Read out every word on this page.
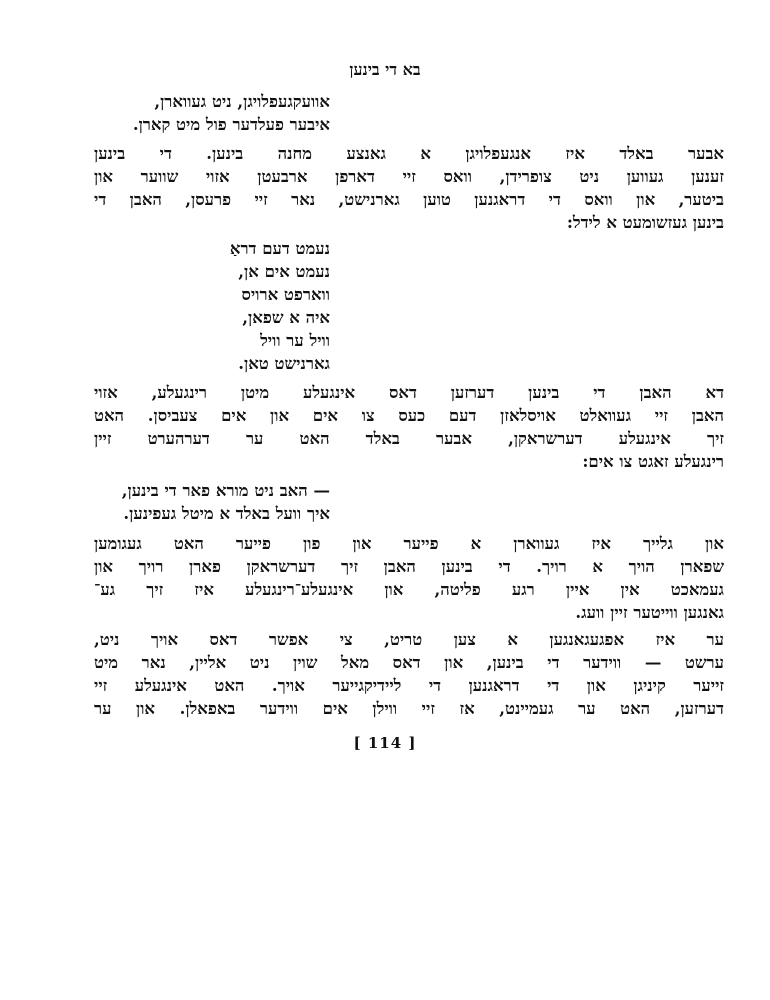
בא די בינען
אוועקגעפלויגן, ניט געווארן,
איבער פעלדער פול מיט קארן.
אבער באלד איז אנגעפלויגן א גאנצע מחנה בינען. די בינען
זענען געווען ניט צופרידן, וואס זיי דארפן ארבעטן אזוי שווער און
ביטער, און וואס די דראגנען טוען גארנישט, נאר זיי פרעסן, האבן די
בינען געזשומעט א לידל:
נעמט דעם דראַ
נעמט אים אן,
ווארפט ארויס
איה א שפאן,
וויל ער וויל
גארנישט טאן.
דא האבן די בינען דערזען דאס אינגעלע מיטן רינגעלע, אזוי
האבן זיי געוואלט אויסלאזן דעם כעס צו אים און אים צעביסן. האט
זיך אינגעלע דערשראקן, אבער באלד האט ער דערהערט זיין
רינגעלע זאגט צו אים:
— האב ניט מורא פאר די בינען,
איך וועל באלד א מיטל געפינען.
און גלייך איז געווארן א פייער און פון פייער האט געגומען
שפארן הויך א רויך. די בינען האבן זיך דערשראקן פארן רויך און
געמאכט אין איין רגע פליטה, און אינגעלע־רינגעלע איז זיך גע־
גאנגען ווייטער זיין וועג.
ער איז אפגעגאנגען א צען טריט, צי אפשר דאס אויך ניט,
ערשט — ווידער די בינען, און דאס מאל שוין ניט אליין, נאר מיט
זייער קיניגן און די דראגנען די ליידיקגייער אויך. האט אינגעלע זיי
דערזען, האט ער געמיינט, אז זיי ווילן אים ווידער באפאלן. און ער
[ 114 ]
